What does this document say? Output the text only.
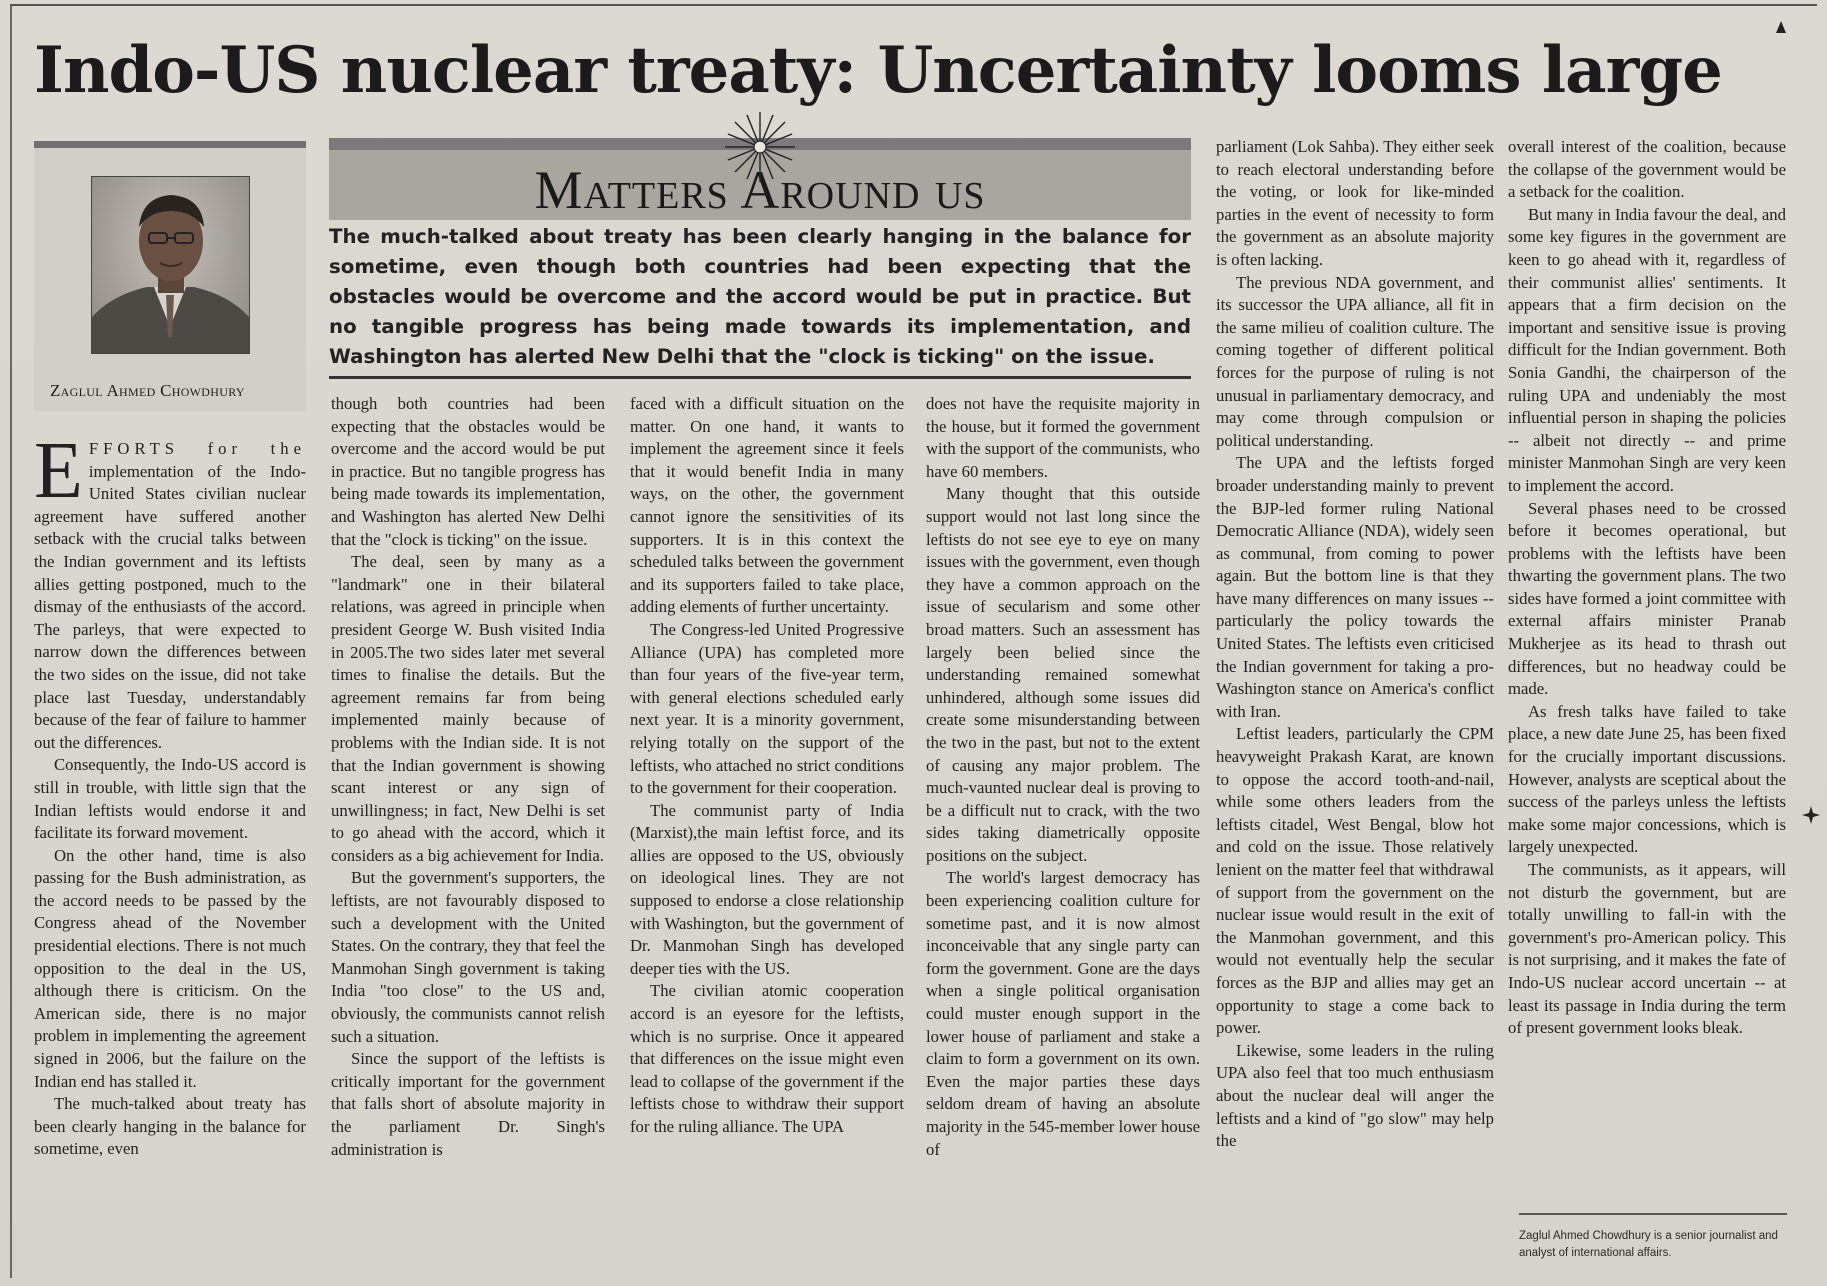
Indo-US nuclear treaty: Uncertainty looms large
Zaglul Ahmed Chowdhury
Matters Around us

The much-talked about treaty has been clearly hanging in the balance for sometime, even though both countries had been expecting that the obstacles would be overcome and the accord would be put in practice. But no tangible progress has being made towards its implementation, and Washington has alerted New Delhi that the "clock is ticking" on the issue.

EFFORTS for the implementation of the Indo-United States civilian nuclear agreement have suffered another setback with the crucial talks between the Indian government and its leftists allies getting postponed, much to the dismay of the enthusiasts of the accord. The parleys, that were expected to narrow down the differences between the two sides on the issue, did not take place last Tuesday, understandably because of the fear of failure to hammer out the differences.

Consequently, the Indo-US accord is still in trouble, with little sign that the Indian leftists would endorse it and facilitate its forward movement.

On the other hand, time is also passing for the Bush administration, as the accord needs to be passed by the Congress ahead of the November presidential elections. There is not much opposition to the deal in the US, although there is criticism. On the American side, there is no major problem in implementing the agreement signed in 2006, but the failure on the Indian end has stalled it.

The much-talked about treaty has been clearly hanging in the balance for sometime, even

though both countries had been expecting that the obstacles would be overcome and the accord would be put in practice. But no tangible progress has being made towards its implementation, and Washington has alerted New Delhi that the "clock is ticking" on the issue.

The deal, seen by many as a "landmark" one in their bilateral relations, was agreed in principle when president George W. Bush visited India in 2005.The two sides later met several times to finalise the details. But the agreement remains far from being implemented mainly because of problems with the Indian side. It is not that the Indian government is showing scant interest or any sign of unwillingness; in fact, New Delhi is set to go ahead with the accord, which it considers as a big achievement for India.

But the government's supporters, the leftists, are not favourably disposed to such a development with the United States. On the contrary, they that feel the Manmohan Singh government is taking India "too close" to the US and, obviously, the communists cannot relish such a situation.

Since the support of the leftists is critically important for the government that falls short of absolute majority in the parliament Dr. Singh's administration is

faced with a difficult situation on the matter. On one hand, it wants to implement the agreement since it feels that it would benefit India in many ways, on the other, the government cannot ignore the sensitivities of its supporters. It is in this context the scheduled talks between the government and its supporters failed to take place, adding elements of further uncertainty.

The Congress-led United Progressive Alliance (UPA) has completed more than four years of the five-year term, with general elections scheduled early next year. It is a minority government, relying totally on the support of the leftists, who attached no strict conditions to the government for their cooperation.

The communist party of India (Marxist),the main leftist force, and its allies are opposed to the US, obviously on ideological lines. They are not supposed to endorse a close relationship with Washington, but the government of Dr. Manmohan Singh has developed deeper ties with the US.

The civilian atomic cooperation accord is an eyesore for the leftists, which is no surprise. Once it appeared that differences on the issue might even lead to collapse of the government if the leftists chose to withdraw their support for the ruling alliance. The UPA

does not have the requisite majority in the house, but it formed the government with the support of the communists, who have 60 members.

Many thought that this outside support would not last long since the leftists do not see eye to eye on many issues with the government, even though they have a common approach on the issue of secularism and some other broad matters. Such an assessment has largely been belied since the understanding remained somewhat unhindered, although some issues did create some misunderstanding between the two in the past, but not to the extent of causing any major problem. The much-vaunted nuclear deal is proving to be a difficult nut to crack, with the two sides taking diametrically opposite positions on the subject.

The world's largest democracy has been experiencing coalition culture for sometime past, and it is now almost inconceivable that any single party can form the government. Gone are the days when a single political organisation could muster enough support in the lower house of parliament and stake a claim to form a government on its own. Even the major parties these days seldom dream of having an absolute majority in the 545-member lower house of

parliament (Lok Sahba). They either seek to reach electoral understanding before the voting, or look for like-minded parties in the event of necessity to form the government as an absolute majority is often lacking.

The previous NDA government, and its successor the UPA alliance, all fit in the same milieu of coalition culture. The coming together of different political forces for the purpose of ruling is not unusual in parliamentary democracy, and may come through compulsion or political understanding.

The UPA and the leftists forged broader understanding mainly to prevent the BJP-led former ruling National Democratic Alliance (NDA), widely seen as communal, from coming to power again. But the bottom line is that they have many differences on many issues -- particularly the policy towards the United States. The leftists even criticised the Indian government for taking a pro-Washington stance on America's conflict with Iran.

Leftist leaders, particularly the CPM heavyweight Prakash Karat, are known to oppose the accord tooth-and-nail, while some others leaders from the leftists citadel, West Bengal, blow hot and cold on the issue. Those relatively lenient on the matter feel that withdrawal of support from the government on the nuclear issue would result in the exit of the Manmohan government, and this would not eventually help the secular forces as the BJP and allies may get an opportunity to stage a come back to power.

Likewise, some leaders in the ruling UPA also feel that too much enthusiasm about the nuclear deal will anger the leftists and a kind of "go slow" may help the

overall interest of the coalition, because the collapse of the government would be a setback for the coalition.

But many in India favour the deal, and some key figures in the government are keen to go ahead with it, regardless of their communist allies' sentiments. It appears that a firm decision on the important and sensitive issue is proving difficult for the Indian government. Both Sonia Gandhi, the chairperson of the ruling UPA and undeniably the most influential person in shaping the policies -- albeit not directly -- and prime minister Manmohan Singh are very keen to implement the accord.

Several phases need to be crossed before it becomes operational, but problems with the leftists have been thwarting the government plans. The two sides have formed a joint committee with external affairs minister Pranab Mukherjee as its head to thrash out differences, but no headway could be made.

As fresh talks have failed to take place, a new date June 25, has been fixed for the crucially important discussions. However, analysts are sceptical about the success of the parleys unless the leftists make some major concessions, which is largely unexpected.

The communists, as it appears, will not disturb the government, but are totally unwilling to fall-in with the government's pro-American policy. This is not surprising, and it makes the fate of Indo-US nuclear accord uncertain -- at least its passage in India during the term of present government looks bleak.

Zaglul Ahmed Chowdhury is a senior journalist and analyst of international affairs.
